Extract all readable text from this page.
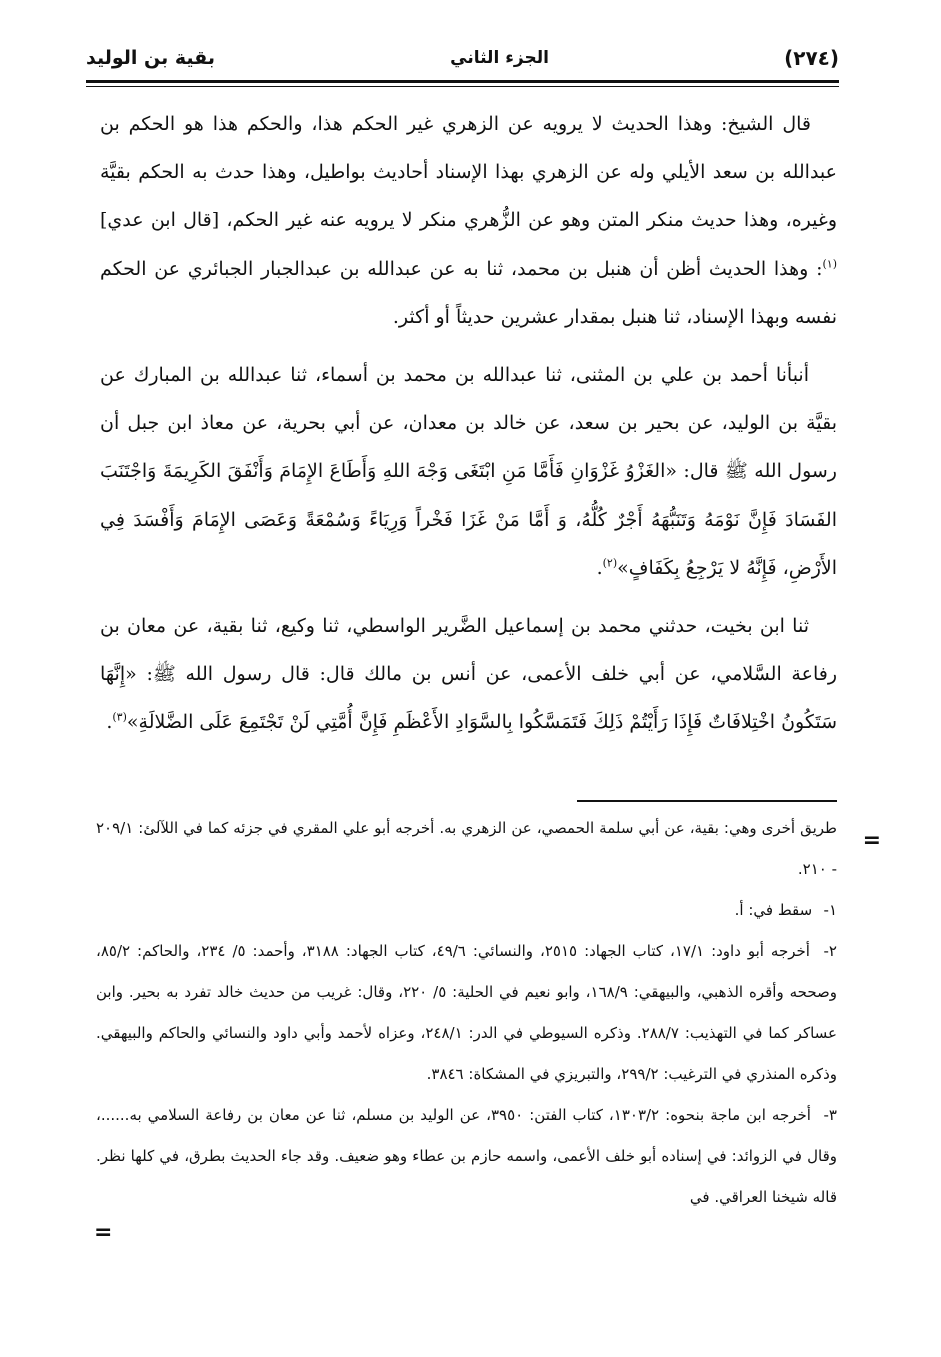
(٢٧٤)
الجزء الثاني
بقية بن الوليد

قال الشيخ: وهذا الحديث لا يرويه عن الزهري غير الحكم هذا، والحكم هذا هو الحكم بن عبدالله بن سعد الأيلي وله عن الزهري بهذا الإسناد أحاديث بواطيل، وهذا حدث به الحكم بقيَّة وغيره، وهذا حديث منكر المتن وهو عن الزُّهري منكر لا يرويه عنه غير الحكم، [قال ابن عدي]$^{(١)}$: وهذا الحديث أظن أن هنبل بن محمد، ثنا به عن عبدالله بن عبدالجبار الجبائري عن الحكم نفسه وبهذا الإسناد، ثنا هنبل بمقدار عشرين حديثاً أو أكثر.

أنبأنا أحمد بن علي بن المثنى، ثنا عبدالله بن محمد بن أسماء، ثنا عبدالله بن المبارك عن بقيَّة بن الوليد، عن بحير بن سعد، عن خالد بن معدان، عن أبي بحرية، عن معاذ ابن جبل أن رسول الله ﷺ قال: «الغَزْوُ غَزْوَانِ فَأَمَّا مَنِ ابْتَغَى وَجْهَ اللهِ وَأَطَاعَ الإِمَامَ وَأَنْفَقَ الكَرِيمَةَ وَاجْتَنَبَ الفَسَادَ فَإِنَّ نَوْمَهُ وَتَنَبُّهَهُ أَجْرٌ كُلُّهُ، وَ أَمَّا مَنْ غَزَا فَخْراً وَرِيَاءً وَسُمْعَةً وَعَصَى الإِمَامَ وَأَفْسَدَ فِي الأَرْضِ، فَإِنَّهُ لا يَرْجِعُ بِكَفَافٍ»$^{(٢)}$.

ثنا ابن بخيت، حدثني محمد بن إسماعيل الضَّرير الواسطي، ثنا وكيع، ثنا بقية، عن معان بن رفاعة السَّلامي، عن أبي خلف الأعمى، عن أنس بن مالك قال: قال رسول الله ﷺ: «إِنَّهَا سَتَكُونُ اخْتِلافَاتٌ فَإِذَا رَأَيْتُمْ ذَلِكَ فَتَمَسَّكُوا بِالسَّوَادِ الأَعْظَمِ فَإِنَّ أُمَّتِي لَنْ تَجْتَمِعَ عَلَى الضَّلالَةِ»$^{(٣)}$.

=

طريق أخرى وهي: بقية، عن أبي سلمة الحمصي، عن الزهري به. أخرجه أبو علي المقري في جزئه كما في اللآلئ: ٢٠٩/١ - ٢١٠.

١- سقط في: أ.

٢- أخرجه أبو داود: ١٧/١، كتاب الجهاد: ٢٥١٥، والنسائي: ٤٩/٦، كتاب الجهاد: ٣١٨٨، وأحمد: ٥/ ٢٣٤، والحاكم: ٨٥/٢، وصححه وأقره الذهبي، والبيهقي: ١٦٨/٩، وابو نعيم في الحلية: ٥/ ٢٢٠، وقال: غريب من حديث خالد تفرد به بحير. وابن عساكر كما في التهذيب: ٢٨٨/٧. وذكره السيوطي في الدر: ٢٤٨/١، وعزاه لأحمد وأبي داود والنسائي والحاكم والبيهقي. وذكره المنذري في الترغيب: ٢٩٩/٢، والتبريزي في المشكاة: ٣٨٤٦.

٣- أخرجه ابن ماجة بنحوه: ١٣٠٣/٢، كتاب الفتن: ٣٩٥٠، عن الوليد بن مسلم، ثنا عن معان بن رفاعة السلامي به......، وقال في الزوائد: في إسناده أبو خلف الأعمى، واسمه حازم بن عطاء وهو ضعيف. وقد جاء الحديث بطرق، في كلها نظر. قاله شيخنا العراقي. في

=
